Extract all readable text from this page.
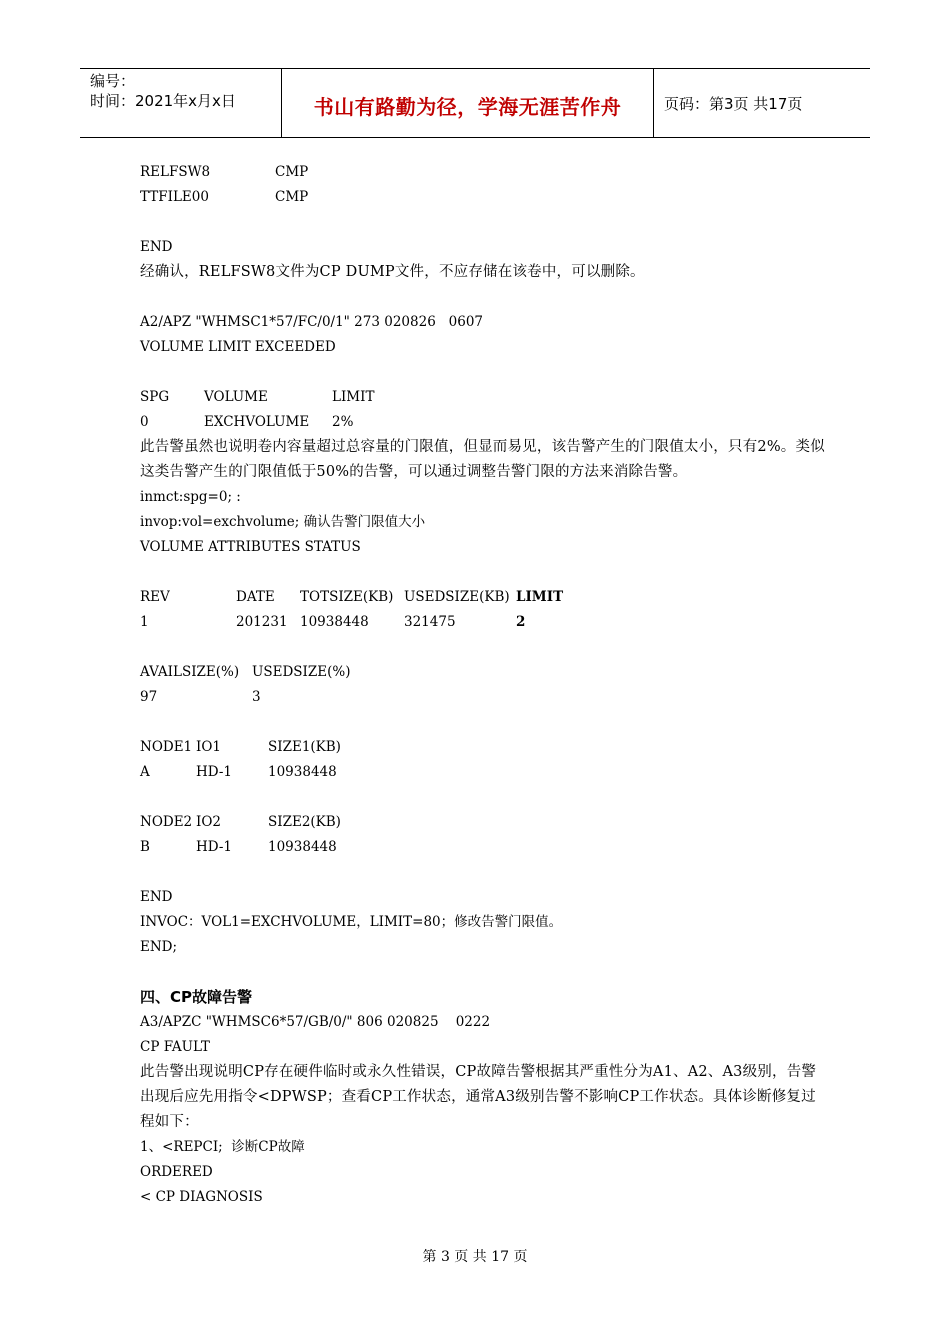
编号：
时间：2021年x月x日	书山有路勤为径，学海无涯苦作舟	页码：第3页 共17页
RELFSW8	CMP
TTFILE00	CMP
END
经确认，RELFSW8文件为CP DUMP文件，不应存储在该卷中，可以删除。
A2/APZ "WHMSC1*57/FC/0/1" 273 020826   0607
VOLUME LIMIT EXCEEDED
SPG	VOLUME	LIMIT
0	EXCHVOLUME 2%
此告警虽然也说明卷内容量超过总容量的门限值，但显而易见，该告警产生的门限值太小，只有2%。类似这类告警产生的门限值低于50%的告警，可以通过调整告警门限的方法来消除告警。
inmct:spg=0; :
invop:vol=exchvolume; 确认告警门限值大小
VOLUME ATTRIBUTES STATUS
REV	DATE TOTSIZE(KB) USEDSIZE(KB) LIMIT
1	201231 10938448	321475	2
AVAILSIZE(%) USEDSIZE(%)
97	3
NODE1 IO1	SIZE1(KB)
A	HD-1	10938448
NODE2 IO2	SIZE2(KB)
B	HD-1	10938448
END
INVOC：VOL1=EXCHVOLUME，LIMIT=80；修改告警门限值。
END;
四、CP故障告警
A3/APZC "WHMSC6*57/GB/0/" 806 020825    0222
CP FAULT
此告警出现说明CP存在硬件临时或永久性错误，CP故障告警根据其严重性分为A1、A2、A3级别，告警出现后应先用指令<DPWSP；查看CP工作状态，通常A3级别告警不影响CP工作状态。具体诊断修复过程如下：
1、<REPCI;  诊断CP故障
ORDERED
< CP DIAGNOSIS
第 3 页 共 17 页
